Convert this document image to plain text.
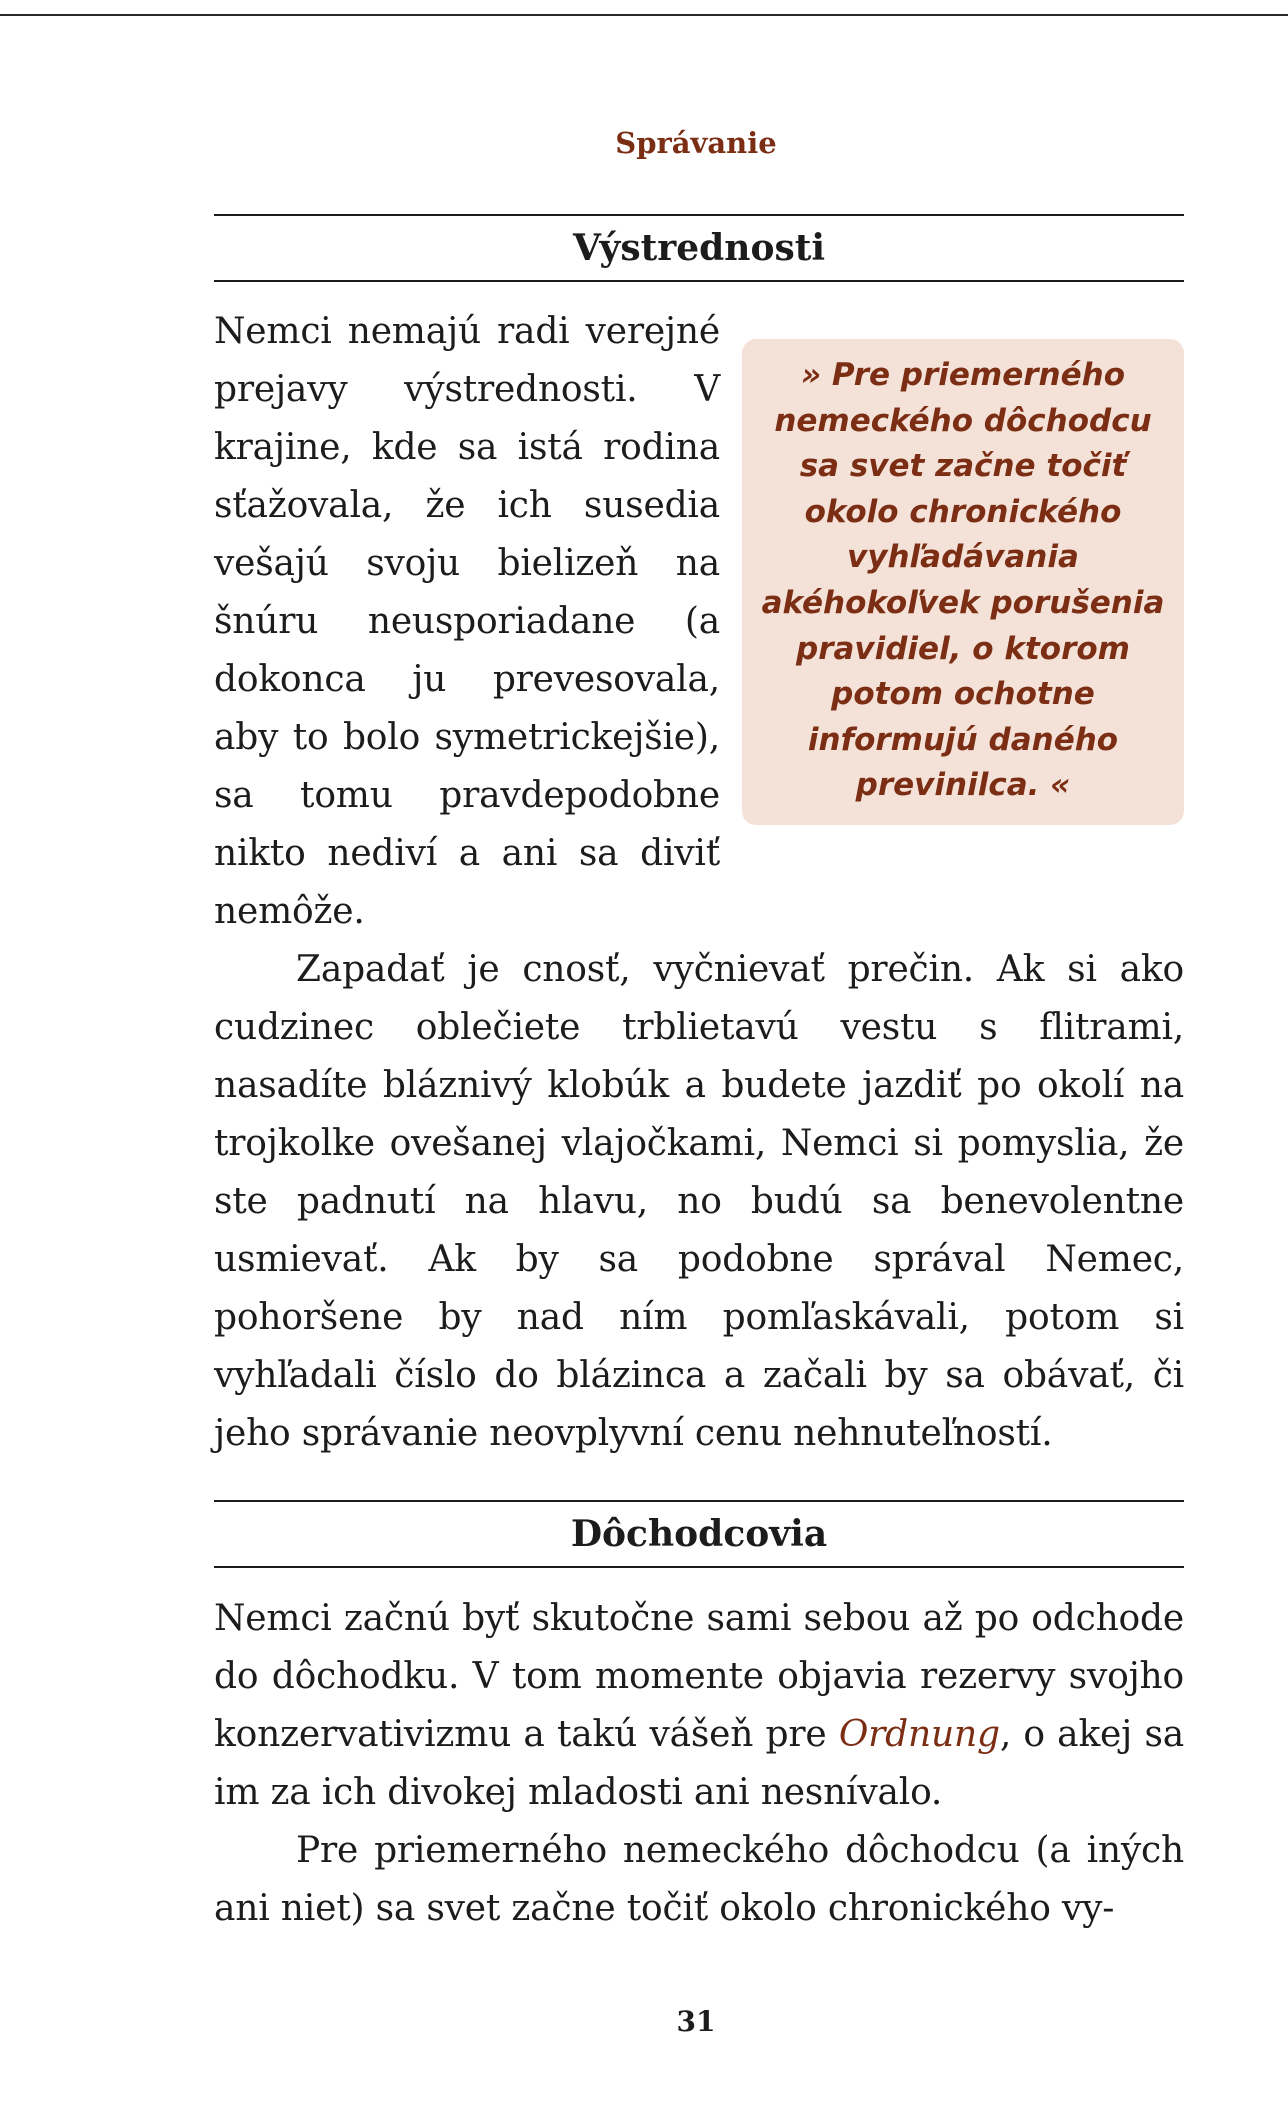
Správanie
Výstrednosti
» Pre priemerného nemeckého dôchodcu sa svet začne točiť okolo chronického vyhľadávania akéhokoľvek porušenia pravidiel, o ktorom potom ochotne informujú daného previnilca. «

Nemci nemajú radi verejné prejavy výstrednosti. V krajine, kde sa istá rodina sťažovala, že ich susedia vešajú svoju bielizeň na šnúru neusporiadane (a dokonca ju prevesovala, aby to bolo symetrickejšie), sa tomu pravdepodobne nikto nediví a ani sa diviť nemôže.

Zapadať je cnosť, vyčnievať prečin. Ak si ako cudzinec oblečiete trblietavú vestu s flitrami, nasadíte bláznivý klobúk a budete jazdiť po okolí na trojkolke ovešanej vlajočkami, Nemci si pomyslia, že ste padnutí na hlavu, no budú sa benevolentne usmievať. Ak by sa podobne správal Nemec, pohoršene by nad ním pomľaskávali, potom si vyhľadali číslo do blázinca a začali by sa obávať, či jeho správanie neovplyvní cenu nehnuteľností.

Dôchodcovia

Nemci začnú byť skutočne sami sebou až po odchode do dôchodku. V tom momente objavia rezervy svojho konzervativizmu a takú vášeň pre Ordnung, o akej sa im za ich divokej mladosti ani nesnívalo.

Pre priemerného nemeckého dôchodcu (a iných ani niet) sa svet začne točiť okolo chronického vy-

31
